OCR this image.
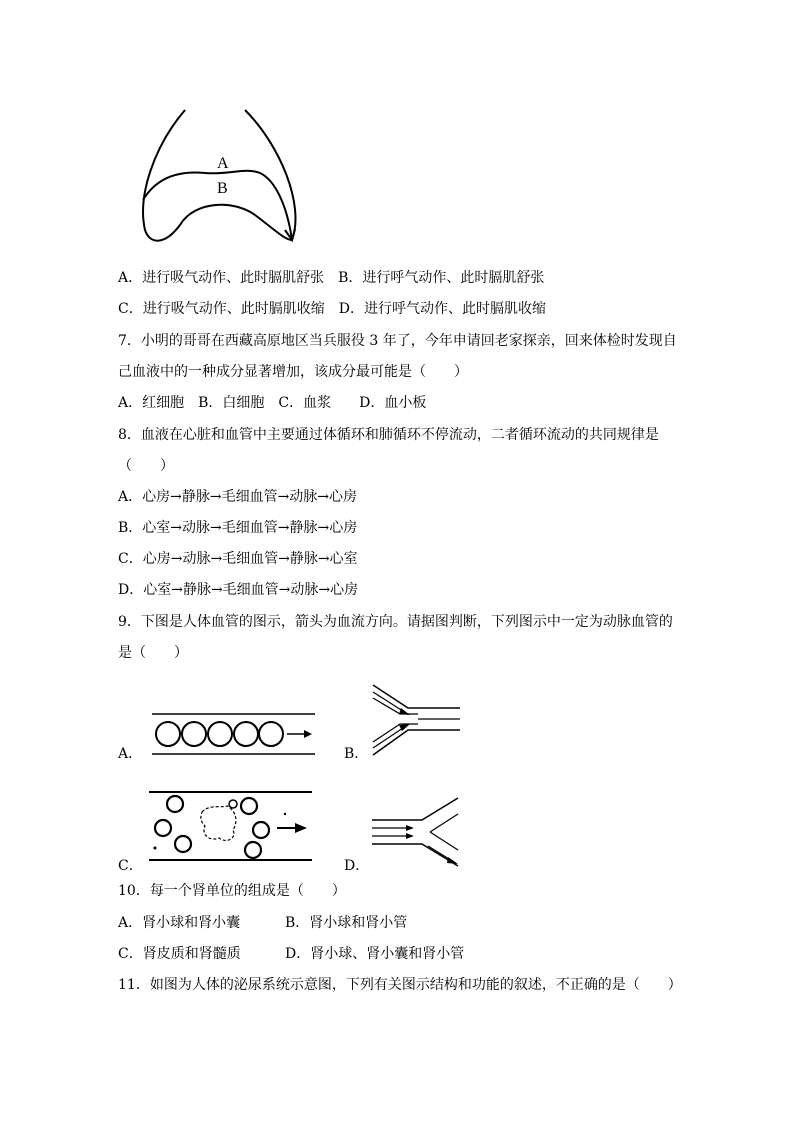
A
B
A．进行吸气动作、此时膈肌舒张 B．进行呼气动作、此时膈肌舒张
C．进行吸气动作、此时膈肌收缩 D．进行呼气动作、此时膈肌收缩
7．小明的哥哥在西藏高原地区当兵服役 3 年了，今年申请回老家探亲，回来体检时发现自
己血液中的一种成分显著增加，该成分最可能是（　　）
A．红细胞 B．白细胞 C．血浆 D．血小板
8．血液在心脏和血管中主要通过体循环和肺循环不停流动，二者循环流动的共同规律是
（　　）
A．心房→静脉→毛细血管→动脉→心房
B．心室→动脉→毛细血管→静脉→心房
C．心房→动脉→毛细血管→静脉→心室
D．心室→静脉→毛细血管→动脉→心房
9．下图是人体血管的图示，箭头为血流方向。请据图判断，下列图示中一定为动脉血管的
是（　　）
A．	B．
C．	D．
10．每一个肾单位的组成是（　　）
A．肾小球和肾小囊	B．肾小球和肾小管
C．肾皮质和肾髓质	D．肾小球、肾小囊和肾小管
11．如图为人体的泌尿系统示意图，下列有关图示结构和功能的叙述，不正确的是（　　）
